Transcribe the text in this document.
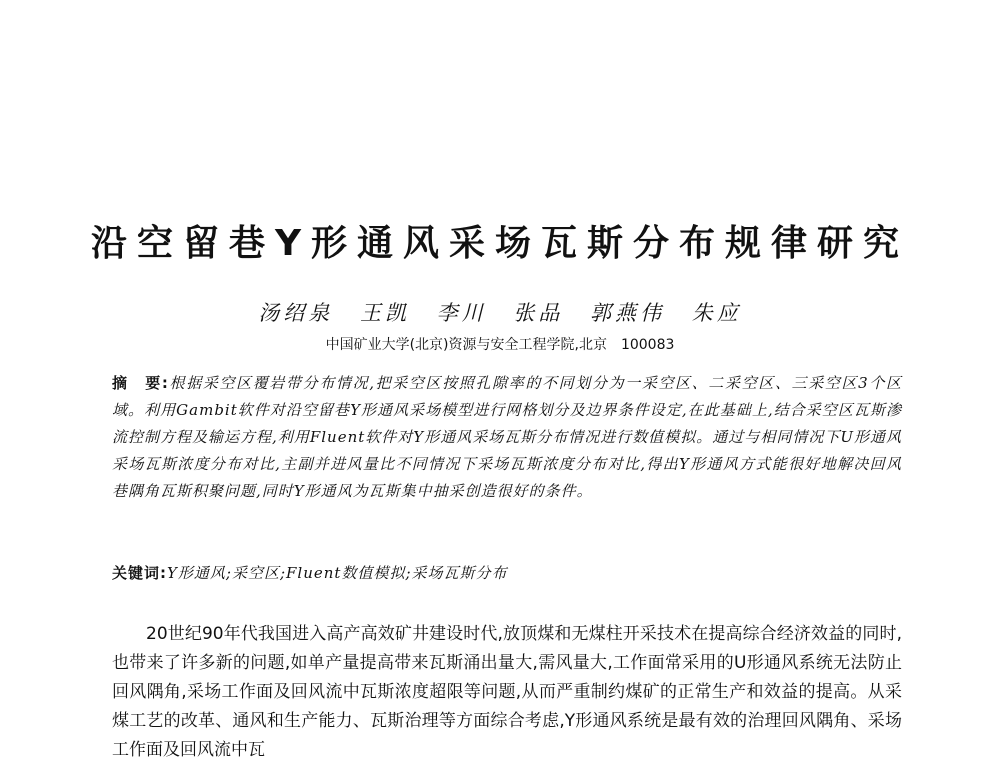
沿空留巷Y形通风采场瓦斯分布规律研究
汤绍泉 王凯 李川 张品 郭燕伟 朱应
中国矿业大学(北京)资源与安全工程学院,北京　100083
摘　要:根据采空区覆岩带分布情况,把采空区按照孔隙率的不同划分为一采空区、二采空区、三采空区3个区域。利用Gambit软件对沿空留巷Y形通风采场模型进行网格划分及边界条件设定,在此基础上,结合采空区瓦斯渗流控制方程及输运方程,利用Fluent软件对Y形通风采场瓦斯分布情况进行数值模拟。通过与相同情况下U形通风采场瓦斯浓度分布对比,主副并进风量比不同情况下采场瓦斯浓度分布对比,得出Y形通风方式能很好地解决回风巷隅角瓦斯积聚问题,同时Y形通风为瓦斯集中抽采创造很好的条件。
关键词:Y形通风;采空区;Fluent数值模拟;采场瓦斯分布

20世纪90年代我国进入高产高效矿井建设时代,放顶煤和无煤柱开采技术在提高综合经济效益的同时,也带来了许多新的问题,如单产量提高带来瓦斯涌出量大,需风量大,工作面常采用的U形通风系统无法防止回风隅角,采场工作面及回风流中瓦斯浓度超限等问题,从而严重制约煤矿的正常生产和效益的提高。从采煤工艺的改革、通风和生产能力、瓦斯治理等方面综合考虑,Y形通风系统是最有效的治理回风隅角、采场工作面及回风流中瓦
